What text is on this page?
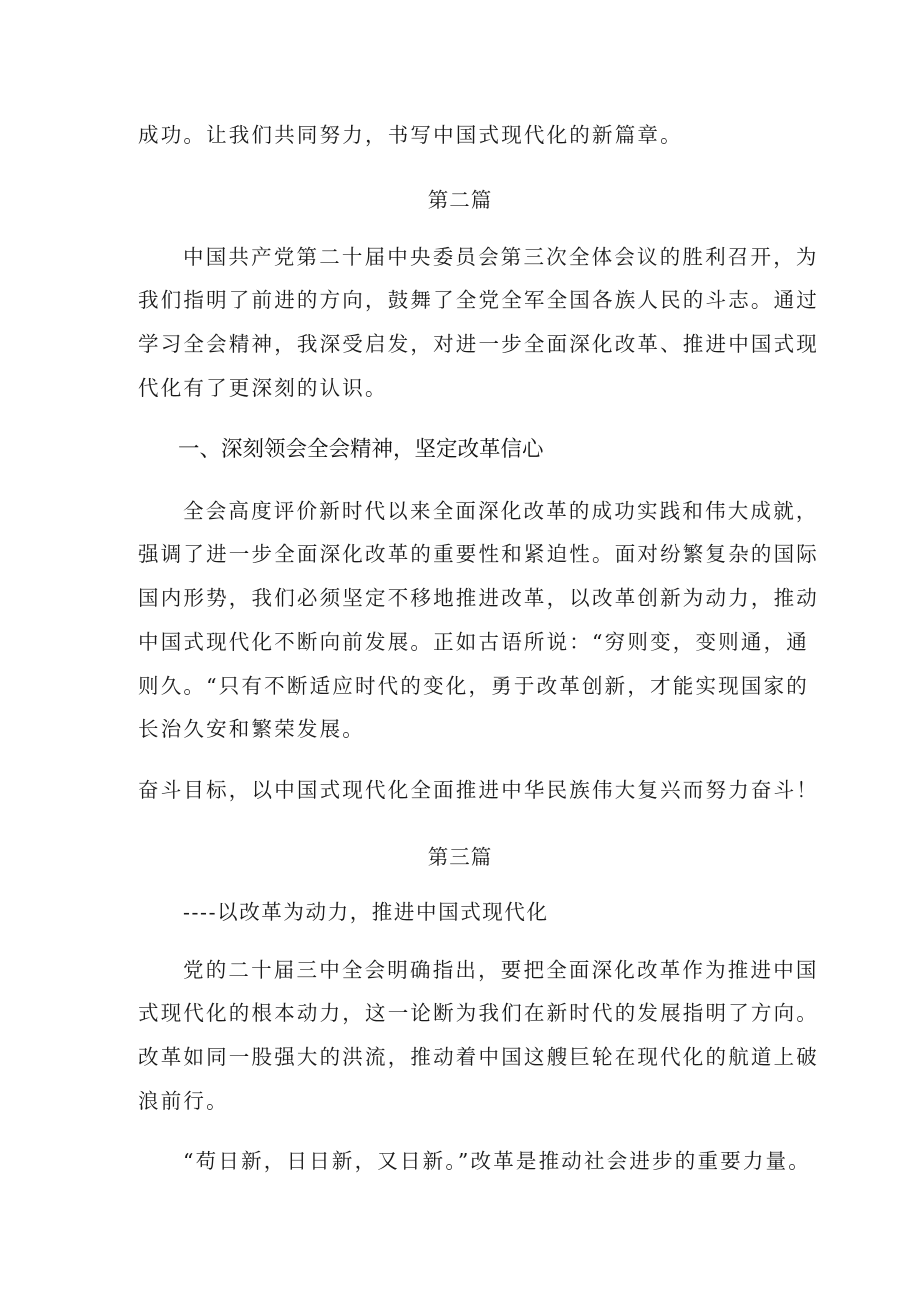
成功。让我们共同努力，书写中国式现代化的新篇章。
第二篇
中国共产党第二十届中央委员会第三次全体会议的胜利召开，为
我们指明了前进的方向，鼓舞了全党全军全国各族人民的斗志。通过
学习全会精神，我深受启发，对进一步全面深化改革、推进中国式现
代化有了更深刻的认识。
一、深刻领会全会精神，坚定改革信心
全会高度评价新时代以来全面深化改革的成功实践和伟大成就，
强调了进一步全面深化改革的重要性和紧迫性。面对纷繁复杂的国际
国内形势，我们必须坚定不移地推进改革，以改革创新为动力，推动
中国式现代化不断向前发展。正如古语所说：“穷则变，变则通，通
则久。“只有不断适应时代的变化，勇于改革创新，才能实现国家的
长治久安和繁荣发展。
奋斗目标，以中国式现代化全面推进中华民族伟大复兴而努力奋斗！
第三篇
----以改革为动力，推进中国式现代化
党的二十届三中全会明确指出，要把全面深化改革作为推进中国
式现代化的根本动力，这一论断为我们在新时代的发展指明了方向。
改革如同一股强大的洪流，推动着中国这艘巨轮在现代化的航道上破
浪前行。
“苟日新，日日新，又日新。”改革是推动社会进步的重要力量。
